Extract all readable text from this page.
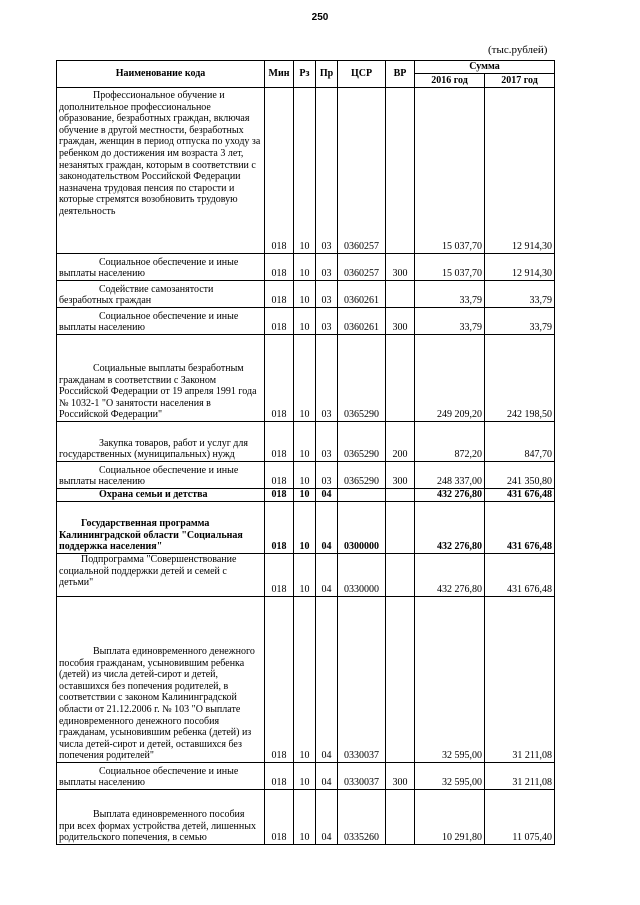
250
(тыс.рублей)
Наименование кода	Мин	Рз	Пр	ЦСР	ВР	Сумма	
						2016 год	2017 год
Профессиональное обучение и дополнительное профессиональное образование, безработных граждан, включая обучение в другой местности, безработных граждан, женщин в период отпуска по уходу за ребенком до достижения им возраста 3 лет, незанятых граждан, которым в соответствии с законодательством Российской Федерации назначена трудовая пенсия по старости и которые стремятся возобновить трудовую деятельность	018	10	03	0360257		15 037,70	12 914,30
Социальное обеспечение и иные выплаты населению	018	10	03	0360257	300	15 037,70	12 914,30
Содействие самозанятости безработных граждан	018	10	03	0360261		33,79	33,79
Социальное обеспечение и иные выплаты населению	018	10	03	0360261	300	33,79	33,79
Социальные выплаты безработным гражданам в соответствии с Законом Российской Федерации от 19 апреля 1991 года № 1032-1 "О занятости населения в Российской Федерации"	018	10	03	0365290		249 209,20	242 198,50
Закупка товаров, работ и услуг для государственных (муниципальных) нужд	018	10	03	0365290	200	872,20	847,70
Социальное обеспечение и иные выплаты населению	018	10	03	0365290	300	248 337,00	241 350,80
Охрана семьи и детства	018	10	04			432 276,80	431 676,48
Государственная программа Калининградской области "Социальная поддержка населения"	018	10	04	0300000		432 276,80	431 676,48
Подпрограмма "Совершенствование социальной поддержки детей и семей с детьми"	018	10	04	0330000		432 276,80	431 676,48
Выплата единовременного денежного пособия гражданам, усыновившим ребенка (детей) из числа детей-сирот и детей, оставшихся без попечения родителей, в соответствии с законом Калининградской области от 21.12.2006 г. № 103 "О выплате единовременного денежного пособия гражданам, усыновившим ребенка (детей) из числа детей-сирот и детей, оставшихся без попечения родителей"	018	10	04	0330037		32 595,00	31 211,08
Социальное обеспечение и иные выплаты населению	018	10	04	0330037	300	32 595,00	31 211,08
Выплата единовременного пособия при всех формах устройства детей, лишенных родительского попечения, в семью	018	10	04	0335260		10 291,80	11 075,40
